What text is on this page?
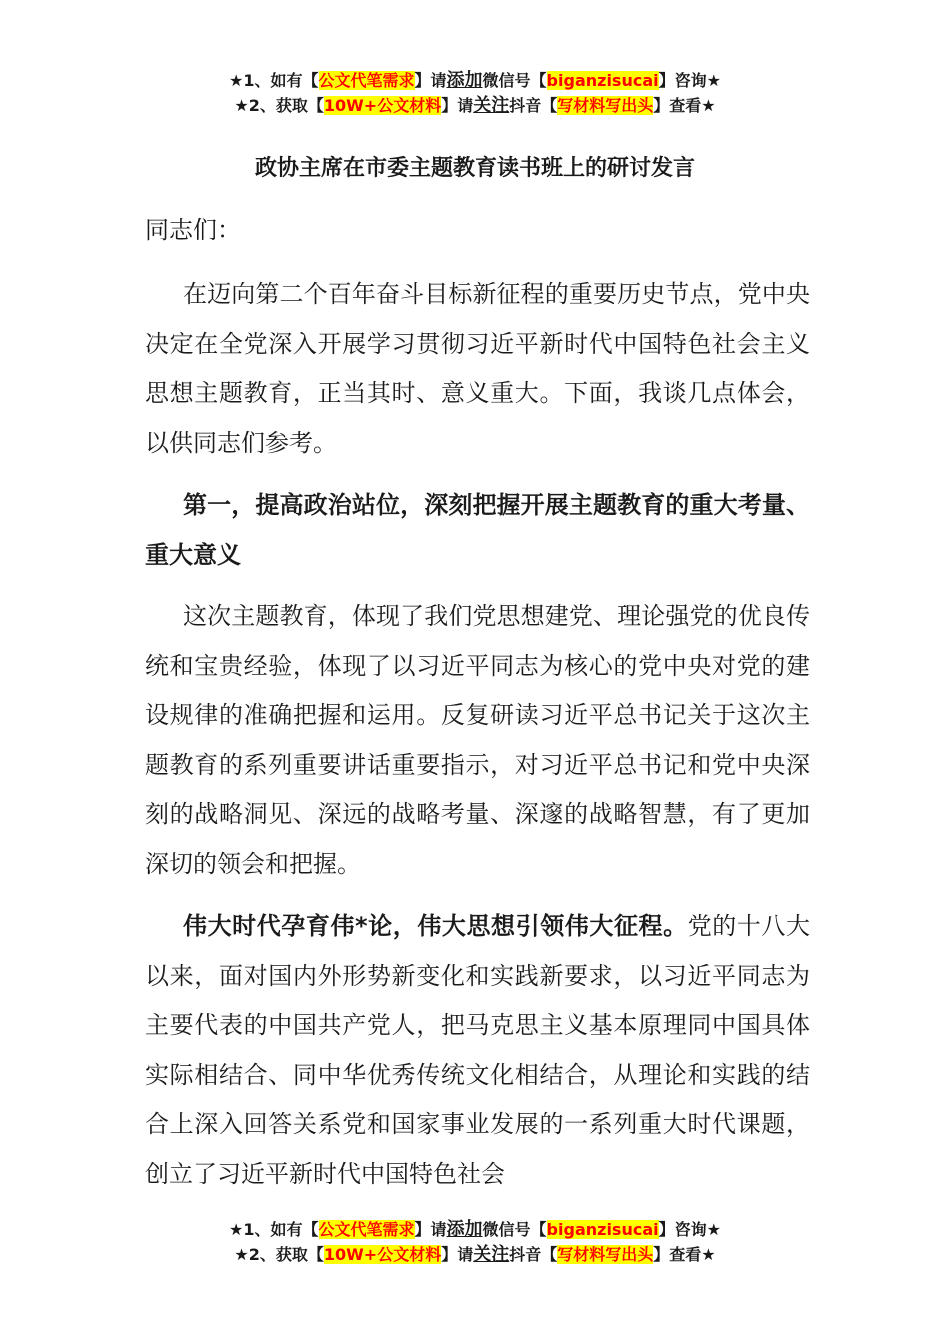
★1、如有【公文代笔需求】请添加微信号【biganzisucai】咨询★
★2、获取【10W+公文材料】请关注抖音【写材料写出头】查看★
政协主席在市委主题教育读书班上的研讨发言
同志们：
在迈向第二个百年奋斗目标新征程的重要历史节点，党中央决定在全党深入开展学习贯彻习近平新时代中国特色社会主义思想主题教育，正当其时、意义重大。下面，我谈几点体会，以供同志们参考。
第一，提高政治站位，深刻把握开展主题教育的重大考量、重大意义
这次主题教育，体现了我们党思想建党、理论强党的优良传统和宝贵经验，体现了以习近平同志为核心的党中央对党的建设规律的准确把握和运用。反复研读习近平总书记关于这次主题教育的系列重要讲话重要指示，对习近平总书记和党中央深刻的战略洞见、深远的战略考量、深邃的战略智慧，有了更加深切的领会和把握。
伟大时代孕育伟*论，伟大思想引领伟大征程。党的十八大以来，面对国内外形势新变化和实践新要求，以习近平同志为主要代表的中国共产党人，把马克思主义基本原理同中国具体实际相结合、同中华优秀传统文化相结合，从理论和实践的结合上深入回答关系党和国家事业发展的一系列重大时代课题，创立了习近平新时代中国特色社会
★1、如有【公文代笔需求】请添加微信号【biganzisucai】咨询★
★2、获取【10W+公文材料】请关注抖音【写材料写出头】查看★
